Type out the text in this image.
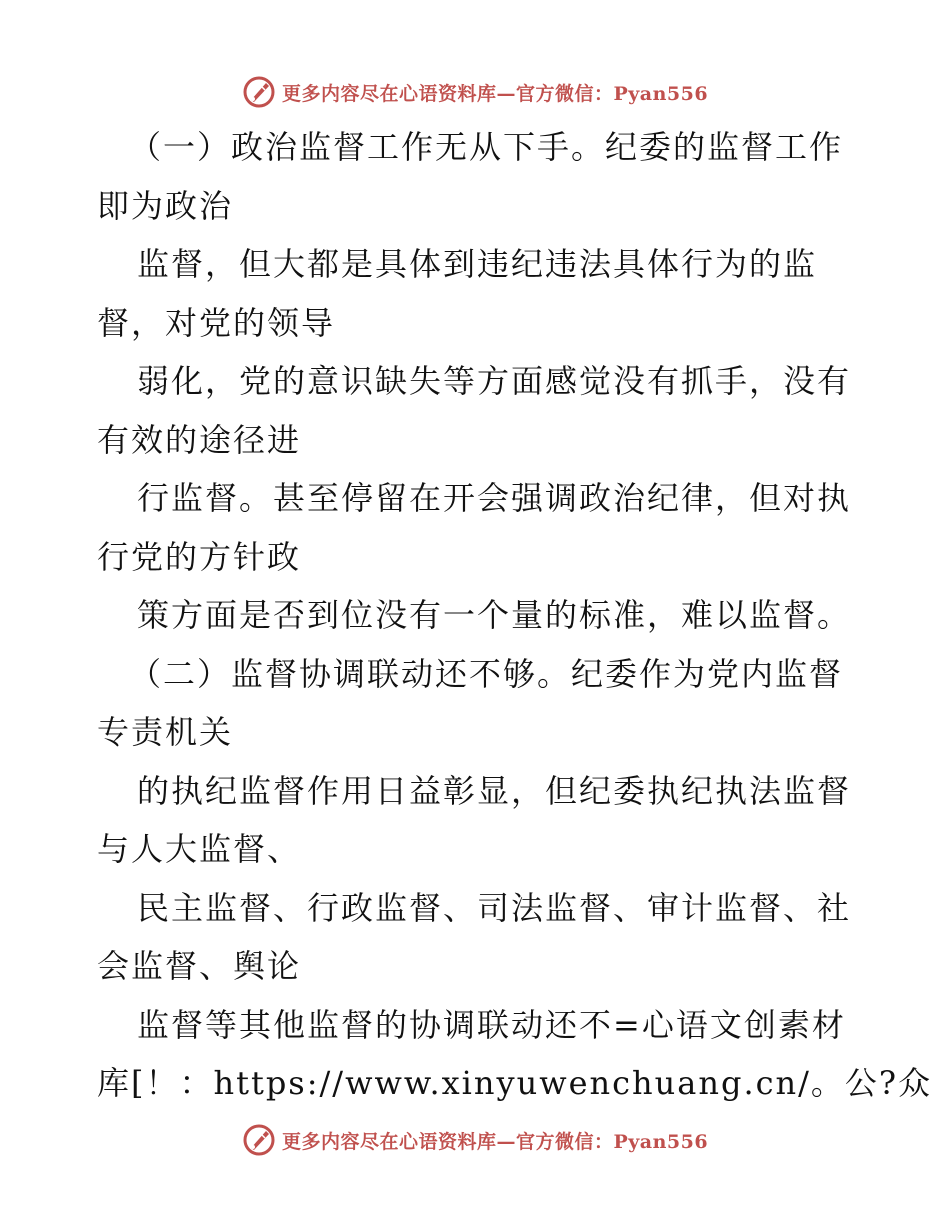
更多内容尽在心语资料库—官方微信：Pyan556
（一）政治监督工作无从下手。纪委的监督工作
即为政治
监督，但大都是具体到违纪违法具体行为的监
督，对党的领导
弱化，党的意识缺失等方面感觉没有抓手，没有
有效的途径进
行监督。甚至停留在开会强调政治纪律，但对执
行党的方针政
策方面是否到位没有一个量的标准，难以监督。
（二）监督协调联动还不够。纪委作为党内监督
专责机关
的执纪监督作用日益彰显，但纪委执纪执法监督
与人大监督、
民主监督、行政监督、司法监督、审计监督、社
会监督、舆论
监督等其他监督的协调联动还不=心语文创素材
库[！：https://www.xinyuwenchuang.cn/。公?众
更多内容尽在心语资料库—官方微信：Pyan556
